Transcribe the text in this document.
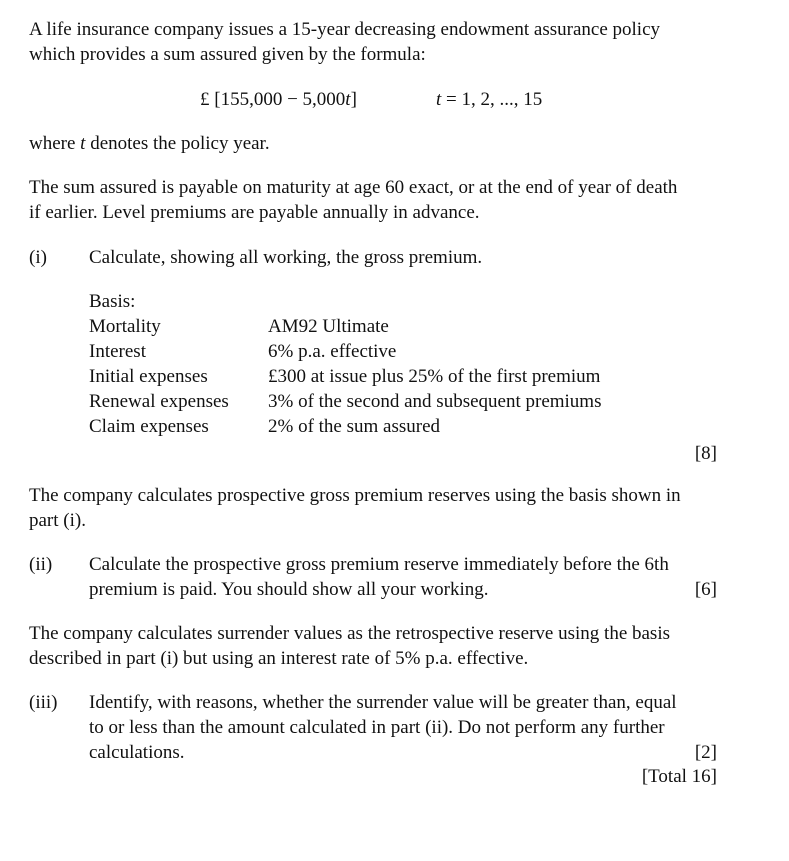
A life insurance company issues a 15-year decreasing endowment assurance policy
which provides a sum assured given by the formula:
£ [155,000 − 5,000t]	t = 1, 2, ..., 15
where t denotes the policy year.
The sum assured is payable on maturity at age 60 exact, or at the end of year of death
if earlier. Level premiums are payable annually in advance.
(i) Calculate, showing all working, the gross premium.
Basis:
Mortality	AM92 Ultimate
Interest	6% p.a. effective
Initial expenses	£300 at issue plus 25% of the first premium
Renewal expenses 3% of the second and subsequent premiums
Claim expenses	2% of the sum assured
[8]
The company calculates prospective gross premium reserves using the basis shown in
part (i).
(ii) Calculate the prospective gross premium reserve immediately before the 6th
premium is paid. You should show all your working.	[6]
The company calculates surrender values as the retrospective reserve using the basis
described in part (i) but using an interest rate of 5% p.a. effective.
(iii) Identify, with reasons, whether the surrender value will be greater than, equal
to or less than the amount calculated in part (ii). Do not perform any further
calculations.	[2]
[Total 16]
